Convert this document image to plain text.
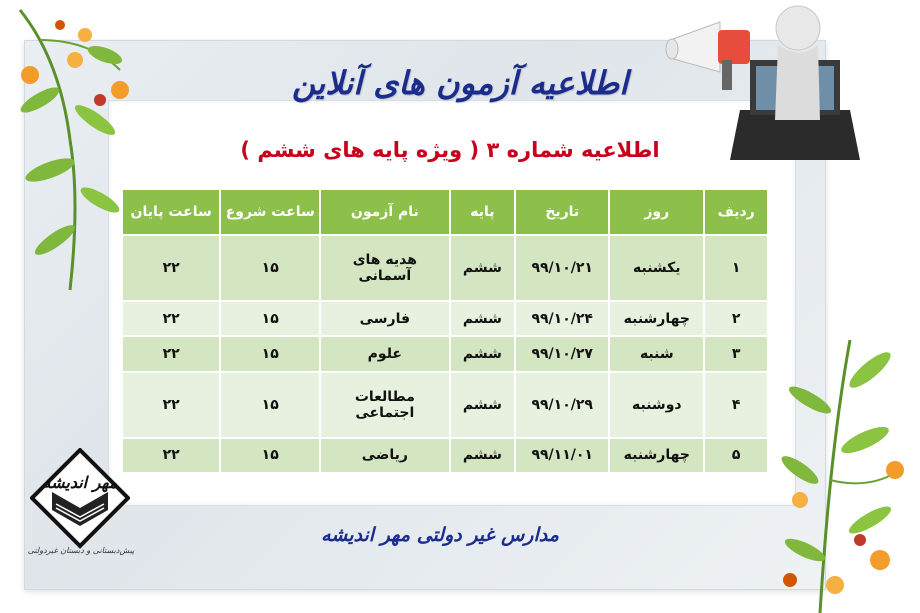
مهر اندیشه
پیش‌دبستانی و دبستان غیردولتی
اطلاعیه آزمون های آنلاین
اطلاعیه شماره ۳ ( ویژه پایه های ششم )
ردیف	روز	تاریخ	پایه	نام آزمون	ساعت شروع	ساعت پایان
۱	یکشنبه	۹۹/۱۰/۲۱	ششم	هدیه های آسمانی	۱۵	۲۲
۲	چهارشنبه	۹۹/۱۰/۲۴	ششم	فارسی	۱۵	۲۲
۳	شنبه	۹۹/۱۰/۲۷	ششم	علوم	۱۵	۲۲
۴	دوشنبه	۹۹/۱۰/۲۹	ششم	مطالعات اجتماعی	۱۵	۲۲
۵	چهارشنبه	۹۹/۱۱/۰۱	ششم	ریاضی	۱۵	۲۲
مدارس غیر دولتی مهر اندیشه
